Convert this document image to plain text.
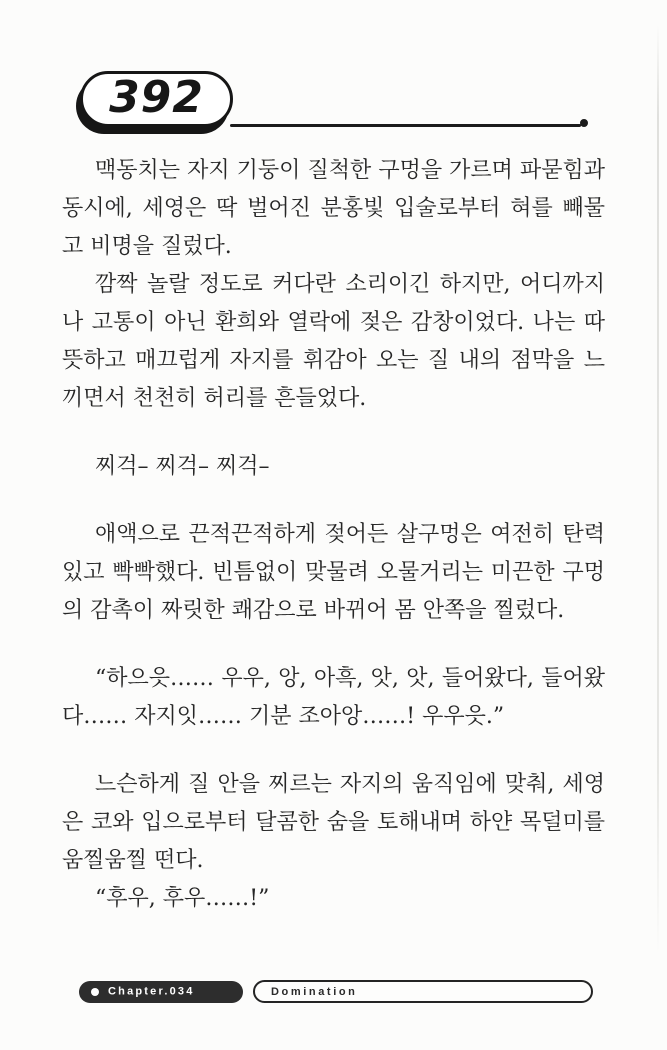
392

맥동치는 자지 기둥이 질척한 구멍을 가르며 파묻힘과 동시에, 세영은 딱 벌어진 분홍빛 입술로부터 혀를 빼물고 비명을 질렀다.

깜짝 놀랄 정도로 커다란 소리이긴 하지만, 어디까지나 고통이 아닌 환희와 열락에 젖은 감창이었다. 나는 따뜻하고 매끄럽게 자지를 휘감아 오는 질 내의 점막을 느끼면서 천천히 허리를 흔들었다.

찌걱– 찌걱– 찌걱–

애액으로 끈적끈적하게 젖어든 살구멍은 여전히 탄력 있고 빡빡했다. 빈틈없이 맞물려 오물거리는 미끈한 구멍의 감촉이 짜릿한 쾌감으로 바뀌어 몸 안쪽을 찔렀다.

“하으읏…… 우우, 앙, 아흑, 앗, 앗, 들어왔다, 들어왔다…… 자지잇…… 기분 조아앙……! 우우읏.”

느슨하게 질 안을 찌르는 자지의 움직임에 맞춰, 세영은 코와 입으로부터 달콤한 숨을 토해내며 하얀 목덜미를 움찔움찔 떤다.

“후우, 후우……!”

Chapter.034	Domination
